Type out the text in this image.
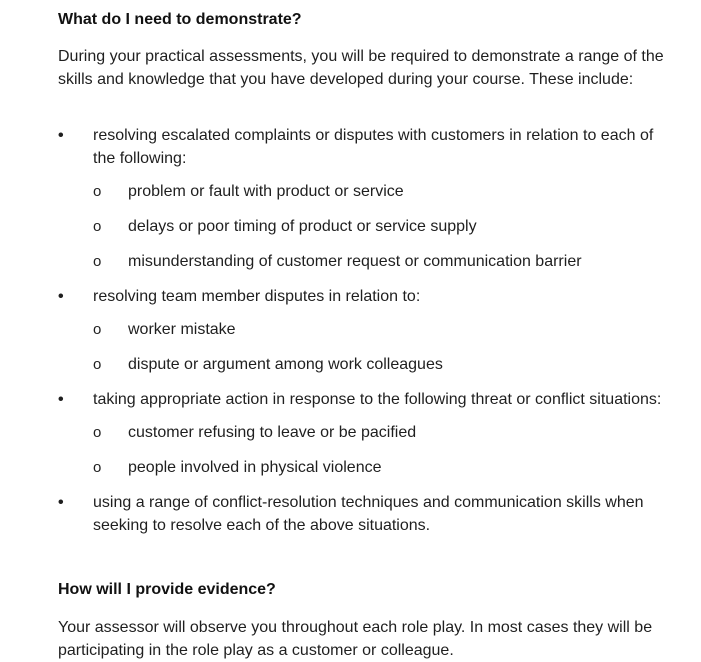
What do I need to demonstrate?

During your practical assessments, you will be required to demonstrate a range of the skills and knowledge that you have developed during your course. These include:

• resolving escalated complaints or disputes with customers in relation to each of the following:
o problem or fault with product or service
o delays or poor timing of product or service supply
o misunderstanding of customer request or communication barrier
• resolving team member disputes in relation to:
o worker mistake
o dispute or argument among work colleagues
• taking appropriate action in response to the following threat or conflict situations:
o customer refusing to leave or be pacified
o people involved in physical violence
• using a range of conflict-resolution techniques and communication skills when seeking to resolve each of the above situations.
How will I provide evidence?

Your assessor will observe you throughout each role play. In most cases they will be participating in the role play as a customer or colleague.
